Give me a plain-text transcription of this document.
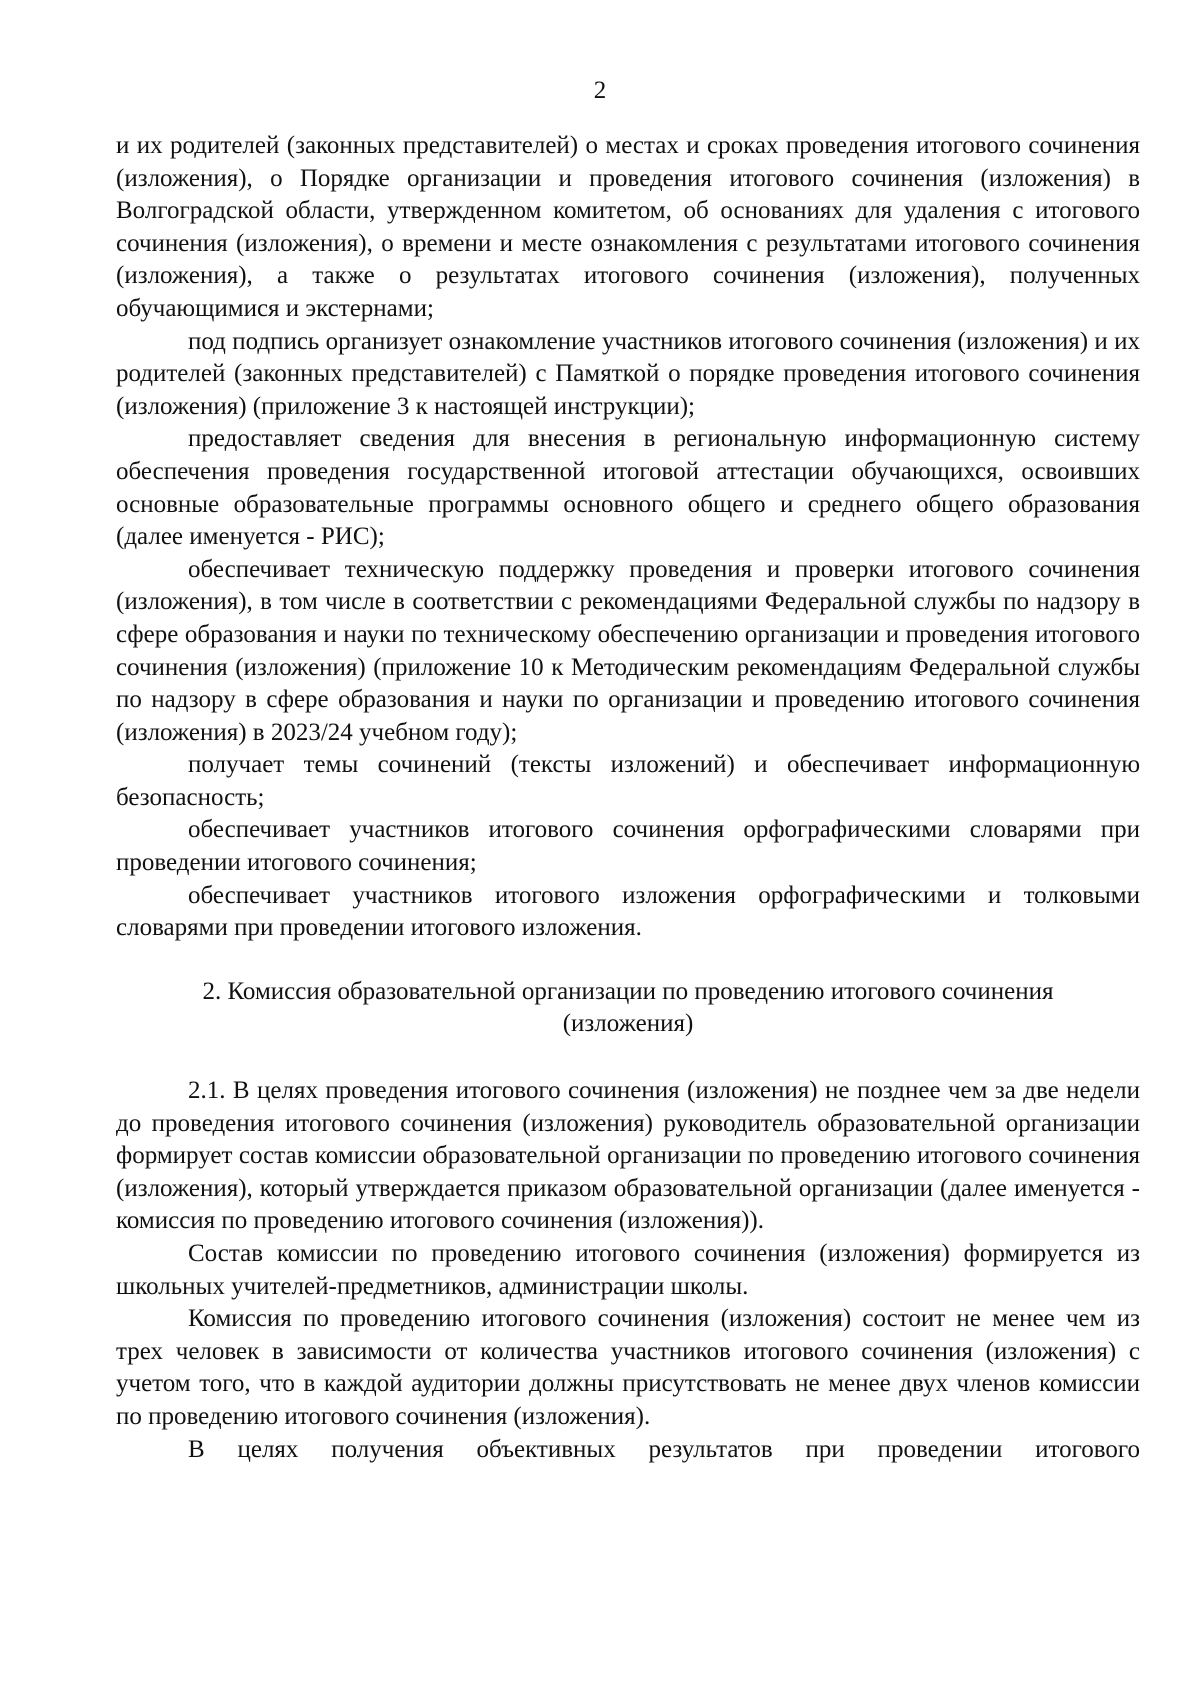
2

и их родителей (законных представителей) о местах и сроках проведения итогового сочинения (изложения), о Порядке организации и проведения итогового сочинения (изложения) в Волгоградской области, утвержденном комитетом, об основаниях для удаления с итогового сочинения (изложения), о времени и месте ознакомления с результатами итогового сочинения (изложения), а также о результатах итогового сочинения (изложения), полученных обучающимися и экстернами;

под подпись организует ознакомление участников итогового сочинения (изложения) и их родителей (законных представителей) с Памяткой о порядке проведения итогового сочинения (изложения) (приложение 3 к настоящей инструкции);

предоставляет сведения для внесения в региональную информационную систему обеспечения проведения государственной итоговой аттестации обучающихся, освоивших основные образовательные программы основного общего и среднего общего образования (далее именуется - РИС);

обеспечивает техническую поддержку проведения и проверки итогового сочинения (изложения), в том числе в соответствии с рекомендациями Федеральной службы по надзору в сфере образования и науки по техническому обеспечению организации и проведения итогового сочинения (изложения) (приложение 10 к Методическим рекомендациям Федеральной службы по надзору в сфере образования и науки по организации и проведению итогового сочинения (изложения) в 2023/24 учебном году);

получает темы сочинений (тексты изложений) и обеспечивает информационную безопасность;

обеспечивает участников итогового сочинения орфографическими словарями при проведении итогового сочинения;

обеспечивает участников итогового изложения орфографическими и толковыми словарями при проведении итогового изложения.

2. Комиссия образовательной организации по проведению итогового сочинения (изложения)

2.1. В целях проведения итогового сочинения (изложения) не позднее чем за две недели до проведения итогового сочинения (изложения) руководитель образовательной организации формирует состав комиссии образовательной организации по проведению итогового сочинения (изложения), который утверждается приказом образовательной организации (далее именуется - комиссия по проведению итогового сочинения (изложения)).

Состав комиссии по проведению итогового сочинения (изложения) формируется из школьных учителей-предметников, администрации школы.

Комиссия по проведению итогового сочинения (изложения) состоит не менее чем из трех человек в зависимости от количества участников итогового сочинения (изложения) с учетом того, что в каждой аудитории должны присутствовать не менее двух членов комиссии по проведению итогового сочинения (изложения).

В целях получения объективных результатов при проведении итогового
